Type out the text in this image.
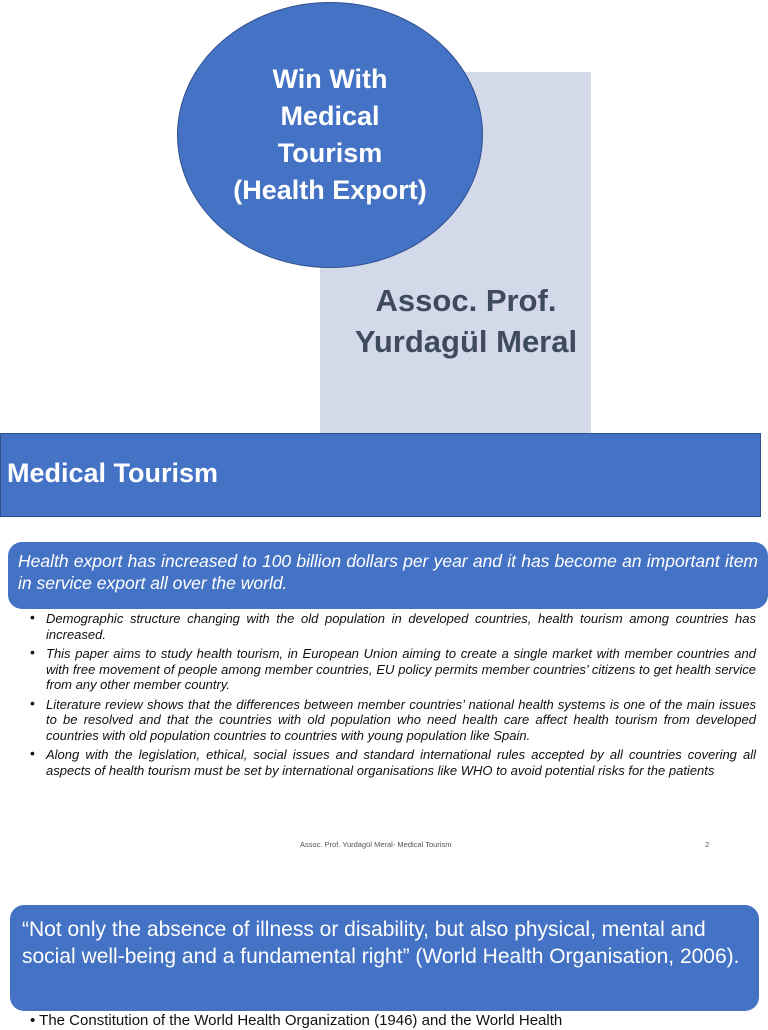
Win With Medical Tourism (Health Export)
Assoc. Prof. Yurdagül Meral
Medical Tourism
Health export has increased to 100 billion dollars per year and it has become an important item in service export all over the world.
• Demographic structure changing with the old population in developed countries, health tourism among countries has increased.
• This paper aims to study health tourism, in European Union aiming to create a single market with member countries and with free movement of people among member countries, EU policy permits member countries’ citizens to get health service from any other member country.
• Literature review shows that the differences between member countries’ national health systems is one of the main issues to be resolved and that the countries with old population who need health care affect health tourism from developed countries with old population countries to countries with young population like Spain.
• Along with the legislation, ethical, social issues and standard international rules accepted by all countries covering all aspects of health tourism must be set by international organisations like WHO to avoid potential risks for the patients
Assoc. Prof. Yurdagül Meral- Medical Tourism	2
“Not only the absence of illness or disability, but also physical, mental and social well-being and a fundamental right” (World Health Organisation, 2006).
• The Constitution of the World Health Organization (1946) and the World Health
